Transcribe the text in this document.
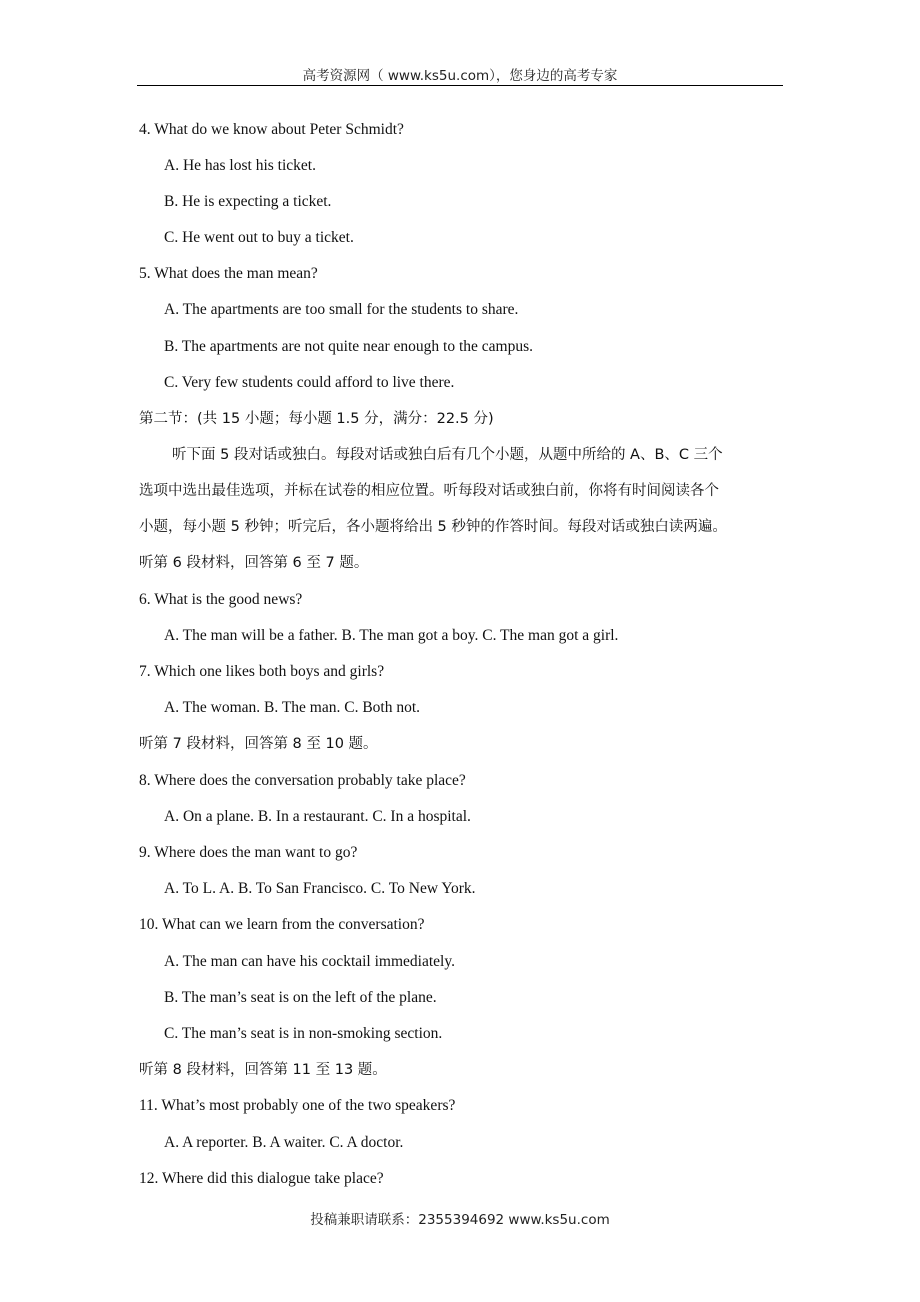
高考资源网（ www.ks5u.com），您身边的高考专家
4. What do we know about Peter Schmidt?
A. He has lost his ticket.
B. He is expecting a ticket.
C. He went out to buy a ticket.
5. What does the man mean?
A. The apartments are too small for the students to share.
B. The apartments are not quite near enough to the campus.
C. Very few students could afford to live there.
第二节：(共 15 小题；每小题 1.5 分，满分：22.5 分)
听下面 5 段对话或独白。每段对话或独白后有几个小题，从题中所给的 A、B、C 三个
选项中选出最佳选项，并标在试卷的相应位置。听每段对话或独白前，你将有时间阅读各个
小题，每小题 5 秒钟；听完后，各小题将给出 5 秒钟的作答时间。每段对话或独白读两遍。
听第 6 段材料，回答第 6 至 7 题。
6. What is the good news?
A. The man will be a father. B. The man got a boy. C. The man got a girl.
7. Which one likes both boys and girls?
A. The woman. B. The man. C. Both not.
听第 7 段材料，回答第 8 至 10 题。
8. Where does the conversation probably take place?
A. On a plane. B. In a restaurant. C. In a hospital.
9. Where does the man want to go?
A. To L. A. B. To San Francisco. C. To New York.
10. What can we learn from the conversation?
A. The man can have his cocktail immediately.
B. The man’s seat is on the left of the plane.
C. The man’s seat is in non-smoking section.
听第 8 段材料，回答第 11 至 13 题。
11. What’s most probably one of the two speakers?
A. A reporter. B. A waiter. C. A doctor.
12. Where did this dialogue take place?
投稿兼职请联系：2355394692 www.ks5u.com
